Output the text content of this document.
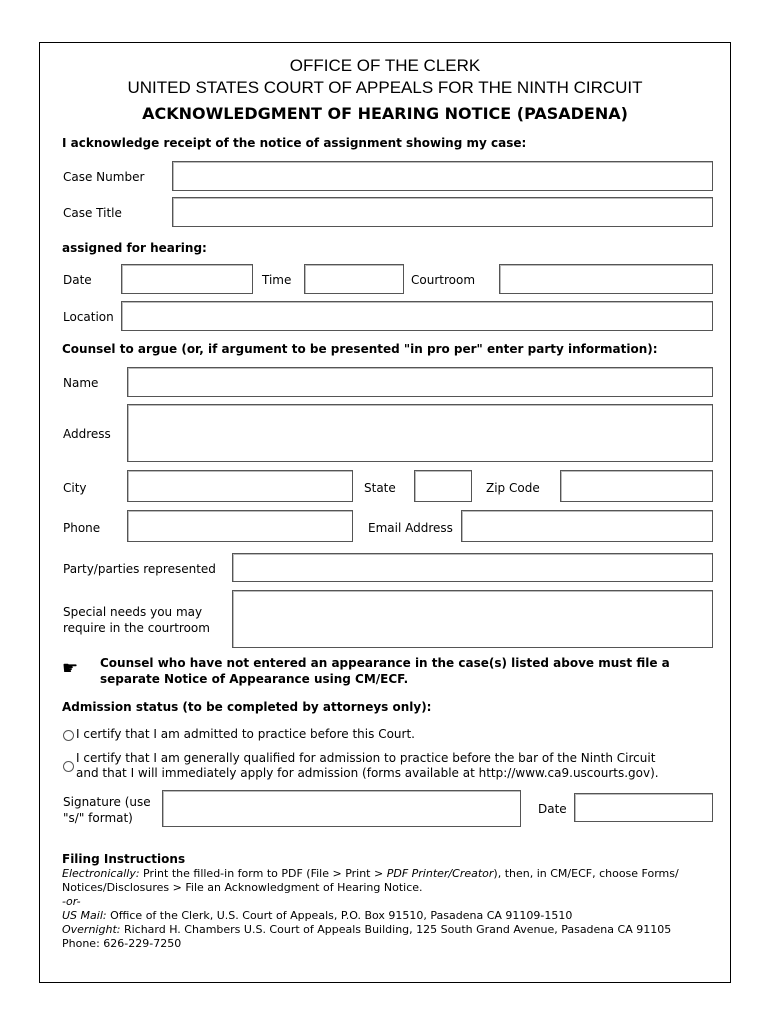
OFFICE OF THE CLERK
UNITED STATES COURT OF APPEALS FOR THE NINTH CIRCUIT
ACKNOWLEDGMENT OF HEARING NOTICE (PASADENA)
I acknowledge receipt of the notice of assignment showing my case:
Case Number
Case Title
assigned for hearing:
Date	Time	Courtroom
Location
Counsel to argue (or, if argument to be presented "in pro per" enter party information):
Name
Address
City	State	Zip Code
Phone	Email Address
Party/parties represented
Special needs you may
require in the courtroom
☛ Counsel who have not entered an appearance in the case(s) listed above must file a
separate Notice of Appearance using CM/ECF.
Admission status (to be completed by attorneys only):
I certify that I am admitted to practice before this Court.
I certify that I am generally qualified for admission to practice before the bar of the Ninth Circuit
and that I will immediately apply for admission (forms available at http://www.ca9.uscourts.gov).
Signature (use
"s/" format)
Date
Filing Instructions
Electronically: Print the filled-in form to PDF (File > Print > PDF Printer/Creator), then, in CM/ECF, choose Forms/
Notices/Disclosures > File an Acknowledgment of Hearing Notice.
-or-
US Mail: Office of the Clerk, U.S. Court of Appeals, P.O. Box 91510, Pasadena CA 91109-1510
Overnight: Richard H. Chambers U.S. Court of Appeals Building, 125 South Grand Avenue, Pasadena CA 91105
Phone: 626-229-7250
